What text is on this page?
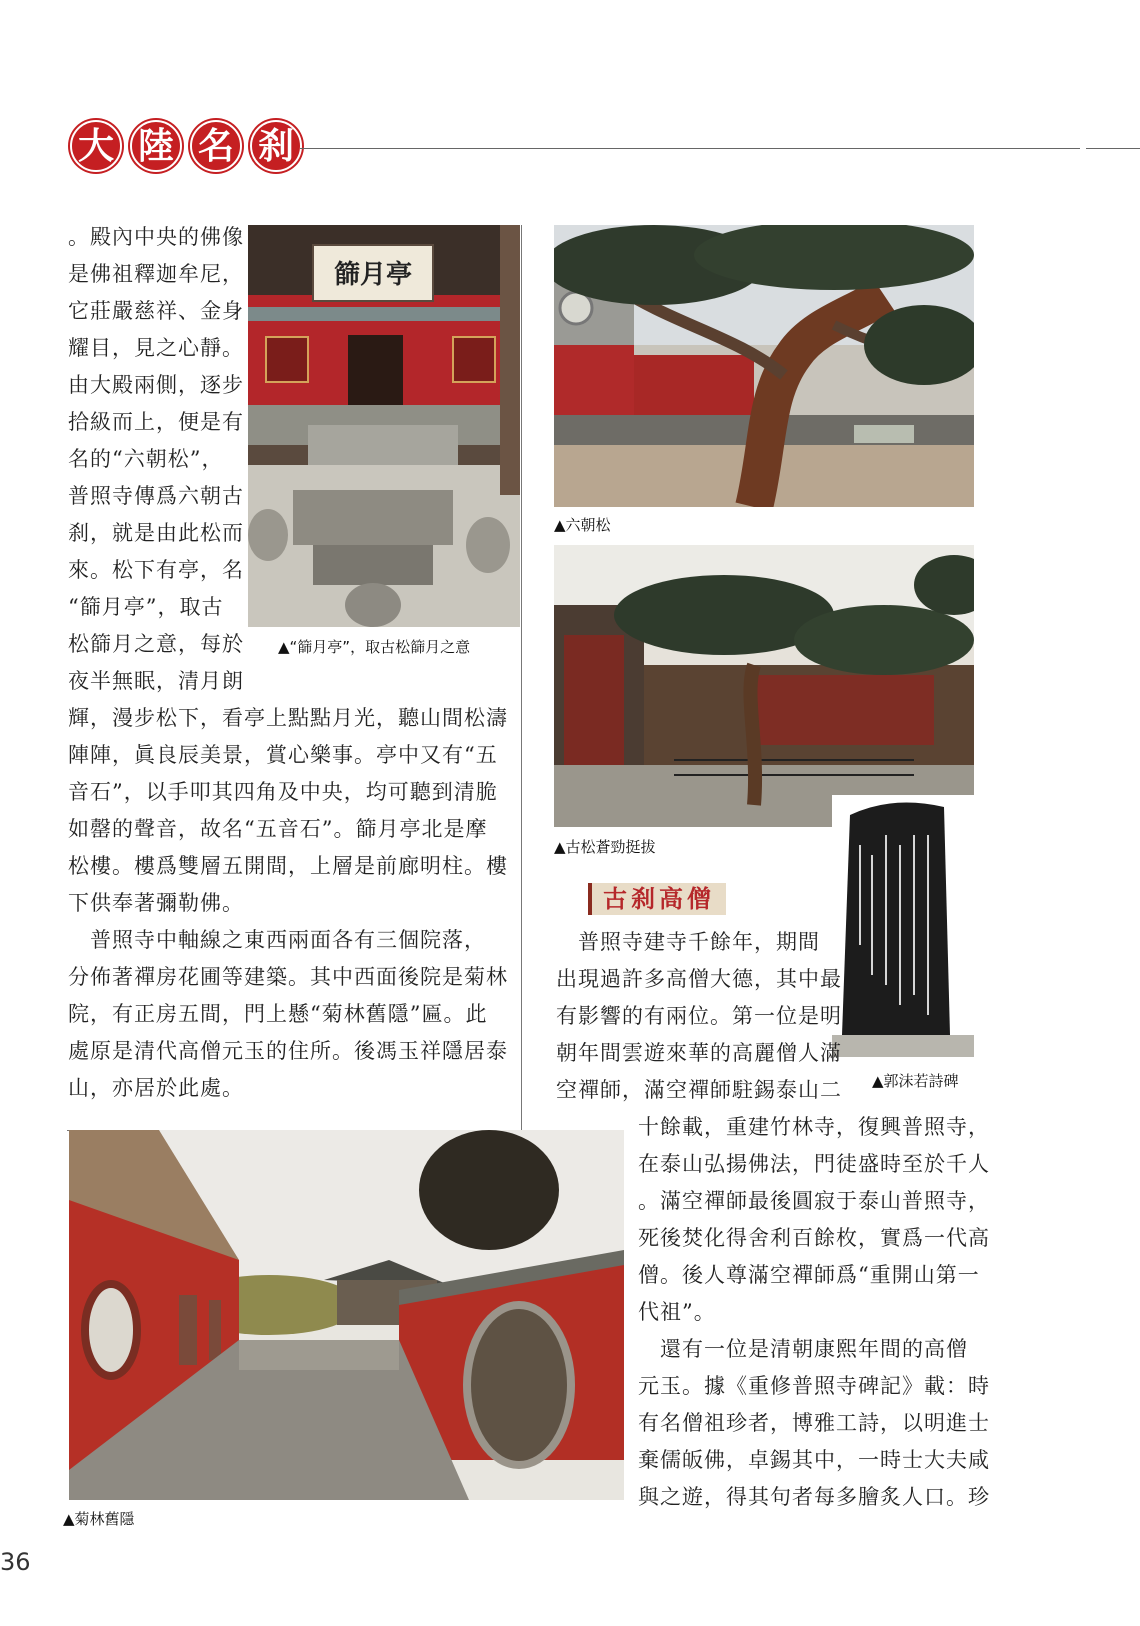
大 陸 名 刹
。殿內中央的佛像
是佛祖釋迦牟尼，
它莊嚴慈祥、金身
耀目，見之心靜。
由大殿兩側，逐步
拾級而上，便是有
名的“六朝松”，
普照寺傳爲六朝古
刹，就是由此松而
來。松下有亭，名
“篩月亭”，取古
松篩月之意，每於
夜半無眠，清月朗
輝，漫步松下，看亭上點點月光，聽山間松濤
陣陣，眞良辰美景，賞心樂事。亭中又有“五
音石”，以手叩其四角及中央，均可聽到清脆
如罄的聲音，故名“五音石”。篩月亭北是摩
松樓。樓爲雙層五開間，上層是前廊明柱。樓
下供奉著彌勒佛。
　普照寺中軸線之東西兩面各有三個院落，
分佈著禪房花圃等建築。其中西面後院是菊林
院，有正房五間，門上懸“菊林舊隱”匾。此
處原是清代高僧元玉的住所。後馮玉祥隱居泰
山，亦居於此處。
篩月亭
▲“篩月亭”，取古松篩月之意
▲六朝松
▲古松蒼勁挺拔
▲郭沫若詩碑
古刹高僧
　普照寺建寺千餘年，期間
出現過許多高僧大德，其中最
有影響的有兩位。第一位是明
朝年間雲遊來華的高麗僧人滿
空禪師，滿空禪師駐錫泰山二
十餘載，重建竹林寺，復興普照寺，
在泰山弘揚佛法，門徒盛時至於千人
。滿空禪師最後圓寂于泰山普照寺，
死後焚化得舍利百餘枚，實爲一代高
僧。後人尊滿空禪師爲“重開山第一
代祖”。
　還有一位是清朝康熙年間的高僧
元玉。據《重修普照寺碑記》載：時
有名僧祖珍者，博雅工詩，以明進士
棄儒皈佛，卓錫其中，一時士大夫咸
與之遊，得其句者每多膾炙人口。珍
▲菊林舊隱
36
